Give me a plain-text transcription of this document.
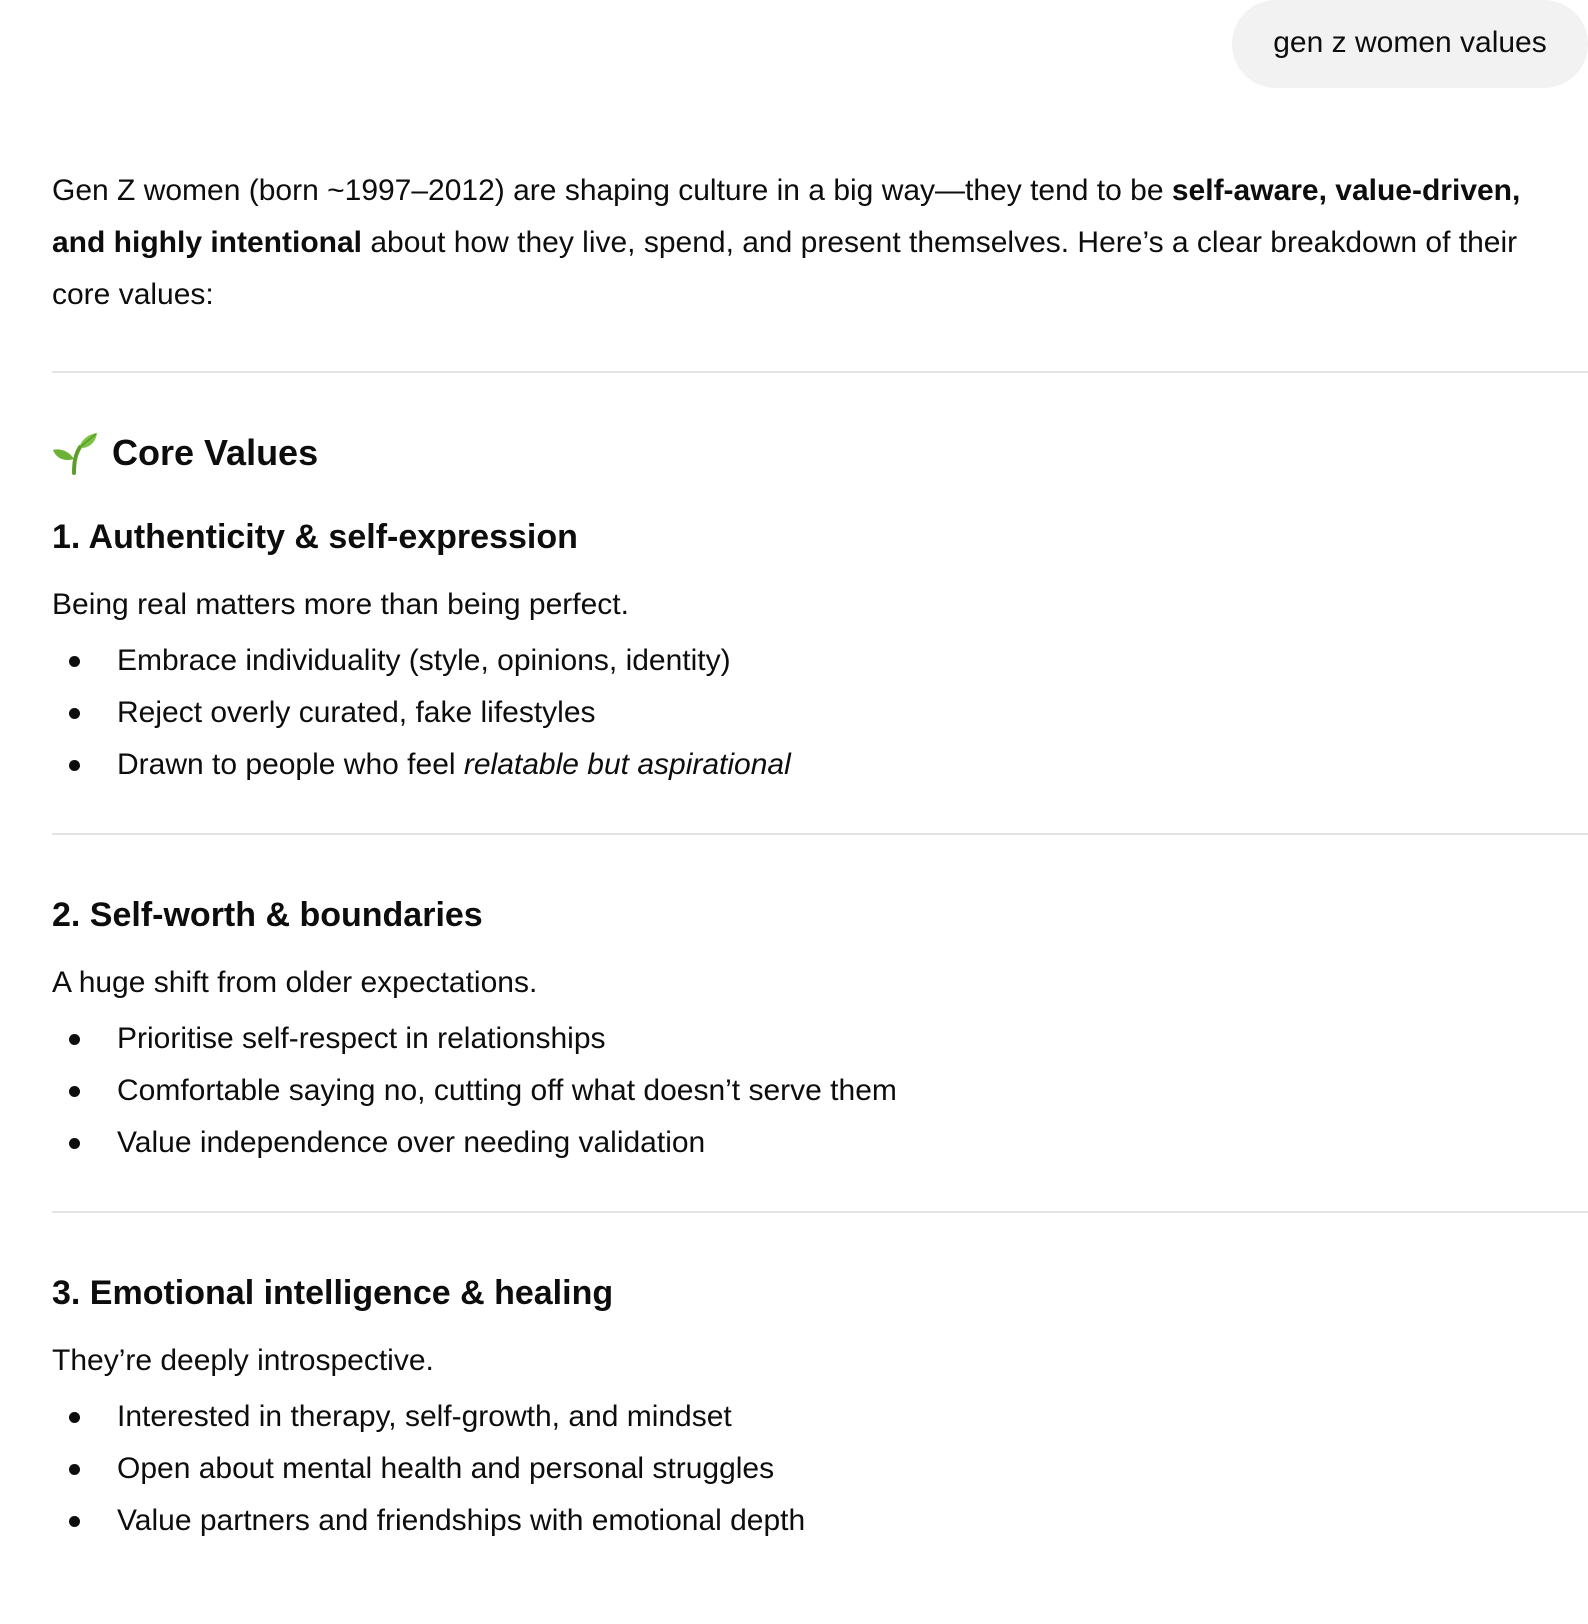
gen z women values

Gen Z women (born ~1997–2012) are shaping culture in a big way—they tend to be self-aware, value-driven, and highly intentional about how they live, spend, and present themselves. Here’s a clear breakdown of their core values:

Core Values
1. Authenticity & self-expression

Being real matters more than being perfect.

Embrace individuality (style, opinions, identity)
Reject overly curated, fake lifestyles
Drawn to people who feel relatable but aspirational
2. Self-worth & boundaries

A huge shift from older expectations.

Prioritise self-respect in relationships
Comfortable saying no, cutting off what doesn’t serve them
Value independence over needing validation
3. Emotional intelligence & healing

They’re deeply introspective.

Interested in therapy, self-growth, and mindset
Open about mental health and personal struggles
Value partners and friendships with emotional depth
